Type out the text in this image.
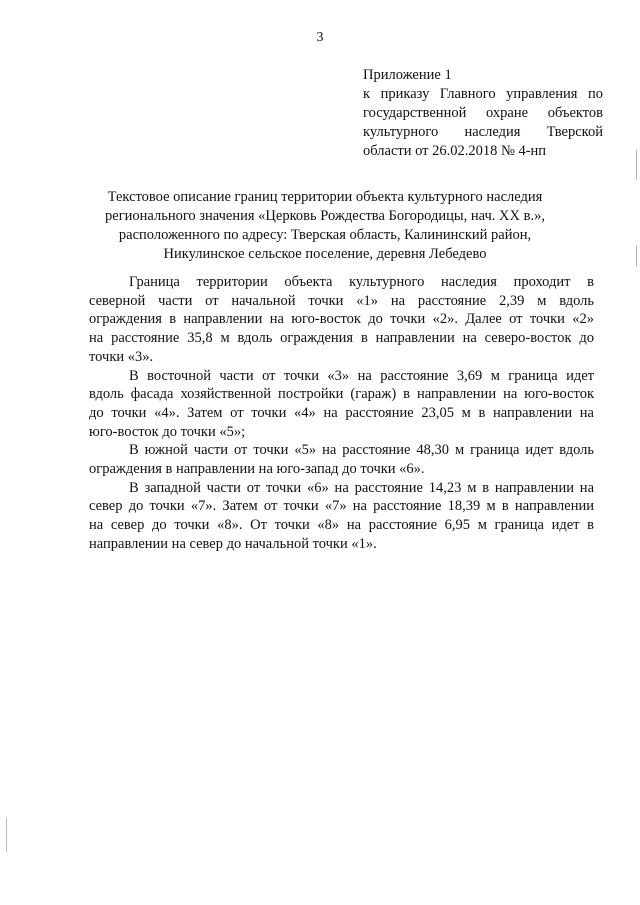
3
Приложение 1
к приказу Главного управления по
государственной охране объектов
культурного наследия Тверской
области от 26.02.2018 № 4-нп
Текстовое описание границ территории объекта культурного наследия
регионального значения «Церковь Рождества Богородицы, нач. XX в.»,
расположенного по адресу: Тверская область, Калининский район,
Никулинское сельское поселение, деревня Лебедево
Граница территории объекта культурного наследия проходит в
северной части от начальной точки «1» на расстояние 2,39 м вдоль
ограждения в направлении на юго-восток до точки «2». Далее от точки «2»
на расстояние 35,8 м вдоль ограждения в направлении на северо-восток до
точки «3».
В восточной части от точки «3» на расстояние 3,69 м граница идет
вдоль фасада хозяйственной постройки (гараж) в направлении на юго-восток
до точки «4». Затем от точки «4» на расстояние 23,05 м в направлении на
юго-восток до точки «5»;
В южной части от точки «5» на расстояние 48,30 м граница идет вдоль
ограждения в направлении на юго-запад до точки «6».
В западной части от точки «6» на расстояние 14,23 м в направлении на
север до точки «7». Затем от точки «7» на расстояние 18,39 м в направлении
на север до точки «8». От точки «8» на расстояние 6,95 м граница идет в
направлении на север до начальной точки «1».
